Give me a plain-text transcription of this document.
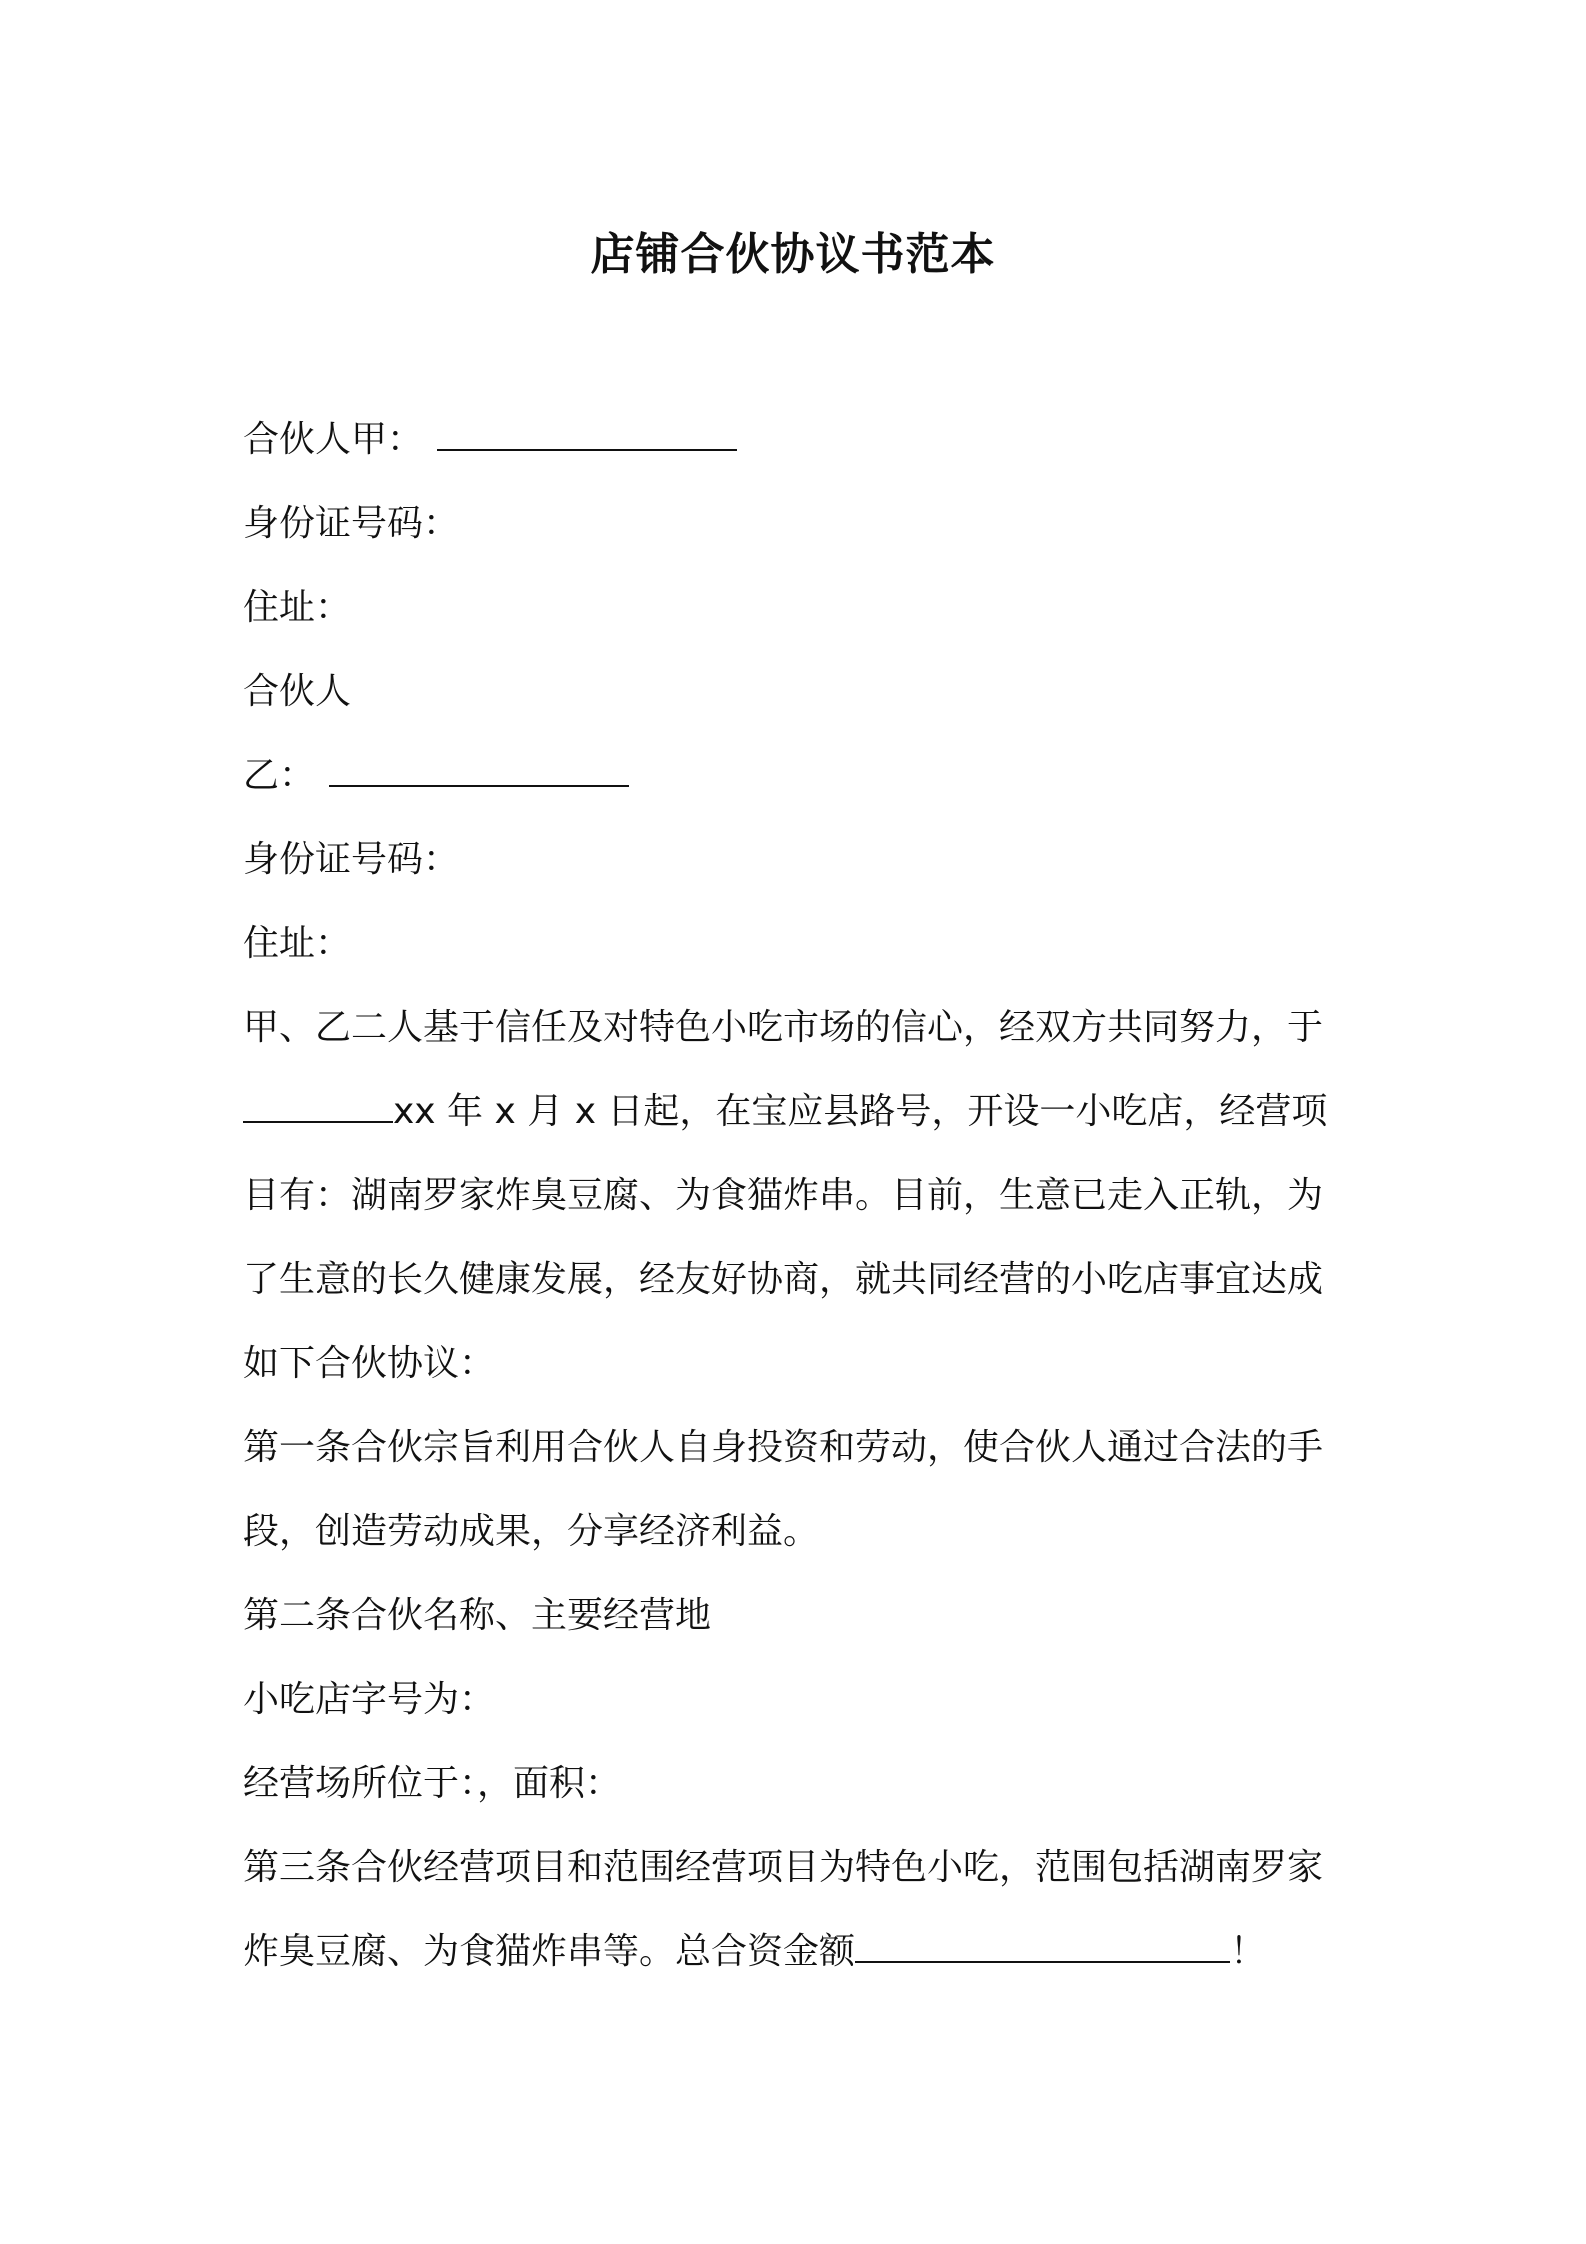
店铺合伙协议书范本
合伙人甲：
身份证号码：
住址：
合伙人
乙：
身份证号码：
住址：
甲、乙二人基于信任及对特色小吃市场的信心，经双方共同努力，于
xx 年 x 月 x 日起，在宝应县路号，开设一小吃店，经营项
目有：湖南罗家炸臭豆腐、为食猫炸串。目前，生意已走入正轨，为
了生意的长久健康发展，经友好协商，就共同经营的小吃店事宜达成
如下合伙协议：
第一条合伙宗旨利用合伙人自身投资和劳动，使合伙人通过合法的手
段，创造劳动成果，分享经济利益。
第二条合伙名称、主要经营地
小吃店字号为：
经营场所位于：，面积：
第三条合伙经营项目和范围经营项目为特色小吃，范围包括湖南罗家
炸臭豆腐、为食猫炸串等。总合资金额	！
